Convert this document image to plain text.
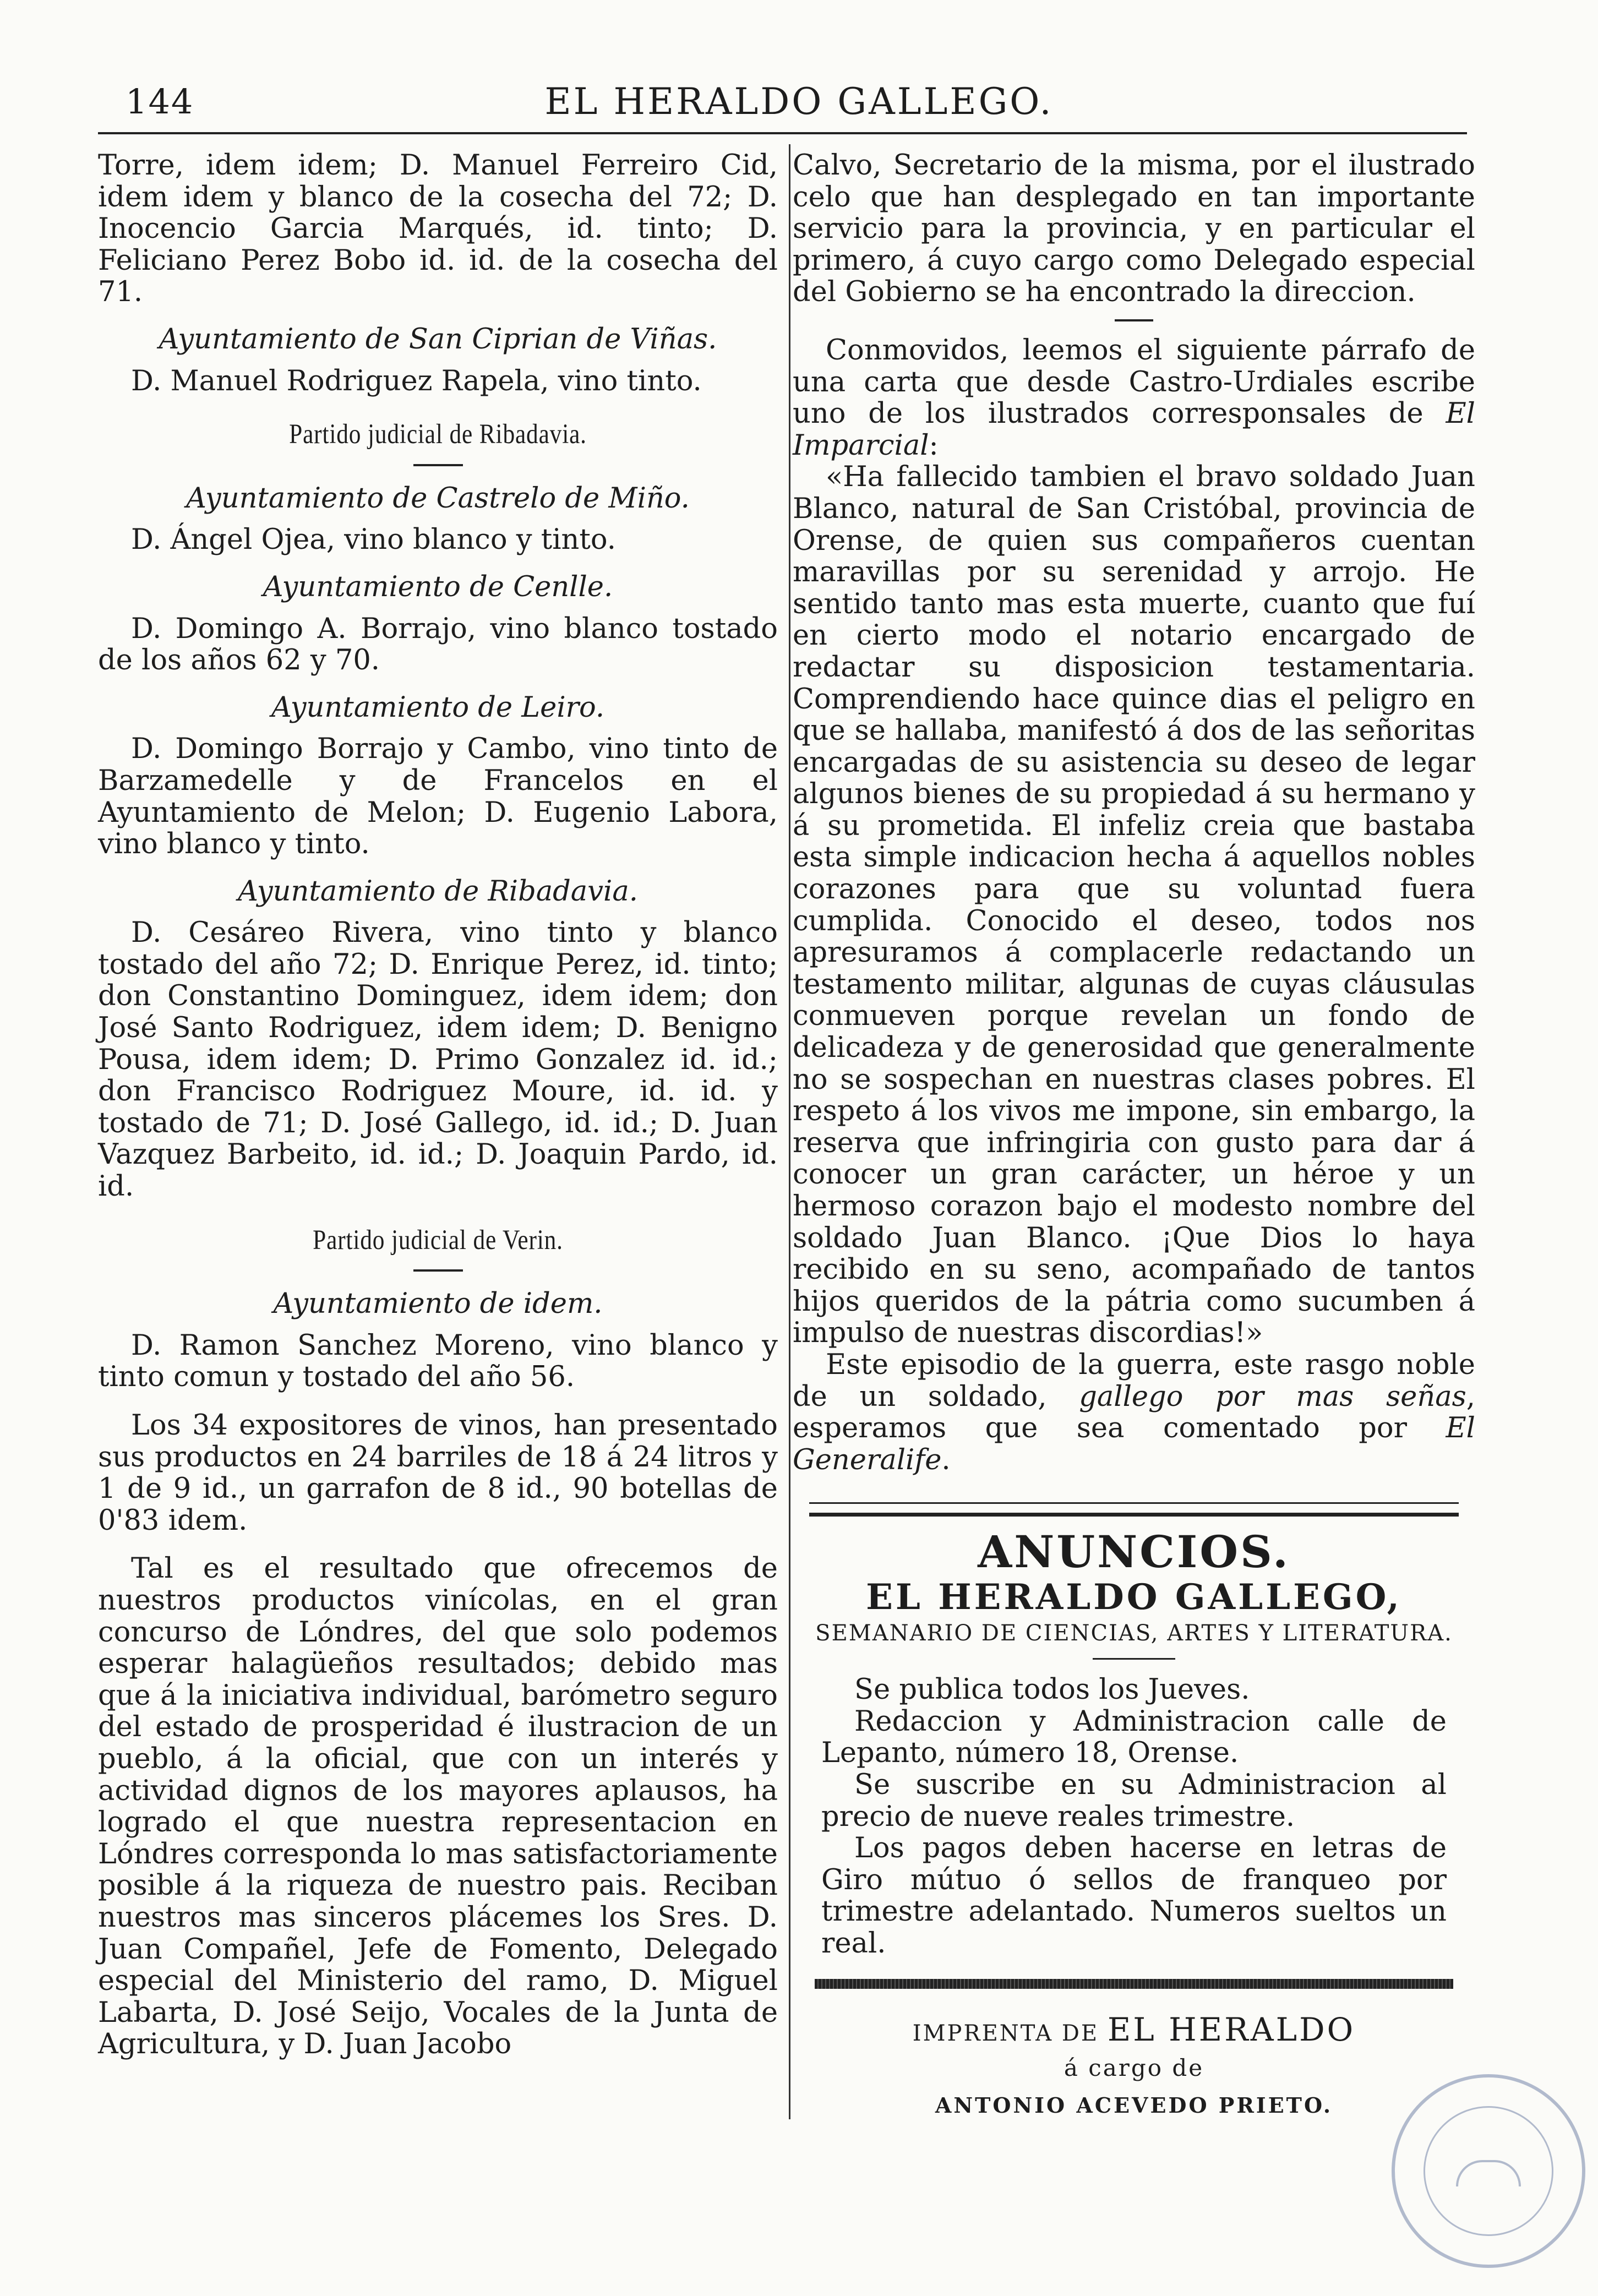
144	EL HERALDO GALLEGO.

Torre, idem idem; D. Manuel Ferreiro Cid, idem idem y blanco de la cosecha del 72; D. Inocencio Garcia Marqués, id. tinto; D. Feliciano Perez Bobo id. id. de la cosecha del 71.

Ayuntamiento de San Ciprian de Viñas.

D. Manuel Rodriguez Rapela, vino tinto.

Partido judicial de Ribadavia.
Ayuntamiento de Castrelo de Miño.

D. Ángel Ojea, vino blanco y tinto.

Ayuntamiento de Cenlle.

D. Domingo A. Borrajo, vino blanco tostado de los años 62 y 70.

Ayuntamiento de Leiro.

D. Domingo Borrajo y Cambo, vino tinto de Barzamedelle y de Francelos en el Ayuntamiento de Melon; D. Eugenio Labora, vino blanco y tinto.

Ayuntamiento de Ribadavia.

D. Cesáreo Rivera, vino tinto y blanco tostado del año 72; D. Enrique Perez, id. tinto; don Constantino Dominguez, idem idem; don José Santo Rodriguez, idem idem; D. Benigno Pousa, idem idem; D. Primo Gonzalez id. id.; don Francisco Rodriguez Moure, id. id. y tostado de 71; D. José Gallego, id. id.; D. Juan Vazquez Barbeito, id. id.; D. Joaquin Pardo, id. id.

Partido judicial de Verin.
Ayuntamiento de idem.

D. Ramon Sanchez Moreno, vino blanco y tinto comun y tostado del año 56.

Los 34 expositores de vinos, han presentado sus productos en 24 barriles de 18 á 24 litros y 1 de 9 id., un garrafon de 8 id., 90 botellas de 0'83 idem.

Tal es el resultado que ofrecemos de nuestros productos vinícolas, en el gran concurso de Lóndres, del que solo podemos esperar halagüeños resultados; debido mas que á la iniciativa individual, barómetro seguro del estado de prosperidad é ilustracion de un pueblo, á la oficial, que con un interés y actividad dignos de los mayores aplausos, ha logrado el que nuestra representacion en Lóndres corresponda lo mas satisfactoriamente posible á la riqueza de nuestro pais. Reciban nuestros mas sinceros plácemes los Sres. D. Juan Compañel, Jefe de Fomento, Delegado especial del Ministerio del ramo, D. Miguel Labarta, D. José Seijo, Vocales de la Junta de Agricultura, y D. Juan Jacobo

Calvo, Secretario de la misma, por el ilustrado celo que han desplegado en tan importante servicio para la provincia, y en particular el primero, á cuyo cargo como Delegado especial del Gobierno se ha encontrado la direccion.

Conmovidos, leemos el siguiente párrafo de una carta que desde Castro-Urdiales escribe uno de los ilustrados corresponsales de El Imparcial:

«Ha fallecido tambien el bravo soldado Juan Blanco, natural de San Cristóbal, provincia de Orense, de quien sus compañeros cuentan maravillas por su serenidad y arrojo. He sentido tanto mas esta muerte, cuanto que fuí en cierto modo el notario encargado de redactar su disposicion testamentaria. Comprendiendo hace quince dias el peligro en que se hallaba, manifestó á dos de las señoritas encargadas de su asistencia su deseo de legar algunos bienes de su propiedad á su hermano y á su prometida. El infeliz creia que bastaba esta simple indicacion hecha á aquellos nobles corazones para que su voluntad fuera cumplida. Conocido el deseo, todos nos apresuramos á complacerle redactando un testamento militar, algunas de cuyas cláusulas conmueven porque revelan un fondo de delicadeza y de generosidad que generalmente no se sospechan en nuestras clases pobres. El respeto á los vivos me impone, sin embargo, la reserva que infringiria con gusto para dar á conocer un gran carácter, un héroe y un hermoso corazon bajo el modesto nombre del soldado Juan Blanco. ¡Que Dios lo haya recibido en su seno, acompañado de tantos hijos queridos de la pátria como sucumben á impulso de nuestras discordias!»

Este episodio de la guerra, este rasgo noble de un soldado, gallego por mas señas, esperamos que sea comentado por El Generalife.

ANUNCIOS.
EL HERALDO GALLEGO,
SEMANARIO DE CIENCIAS, ARTES Y LITERATURA.

Se publica todos los Jueves.

Redaccion y Administracion calle de Lepanto, número 18, Orense.

Se suscribe en su Administracion al precio de nueve reales trimestre.

Los pagos deben hacerse en letras de Giro mútuo ó sellos de franqueo por trimestre adelantado. Numeros sueltos un real.

IMPRENTA DE EL HERALDO
á cargo de
ANTONIO ACEVEDO PRIETO.
